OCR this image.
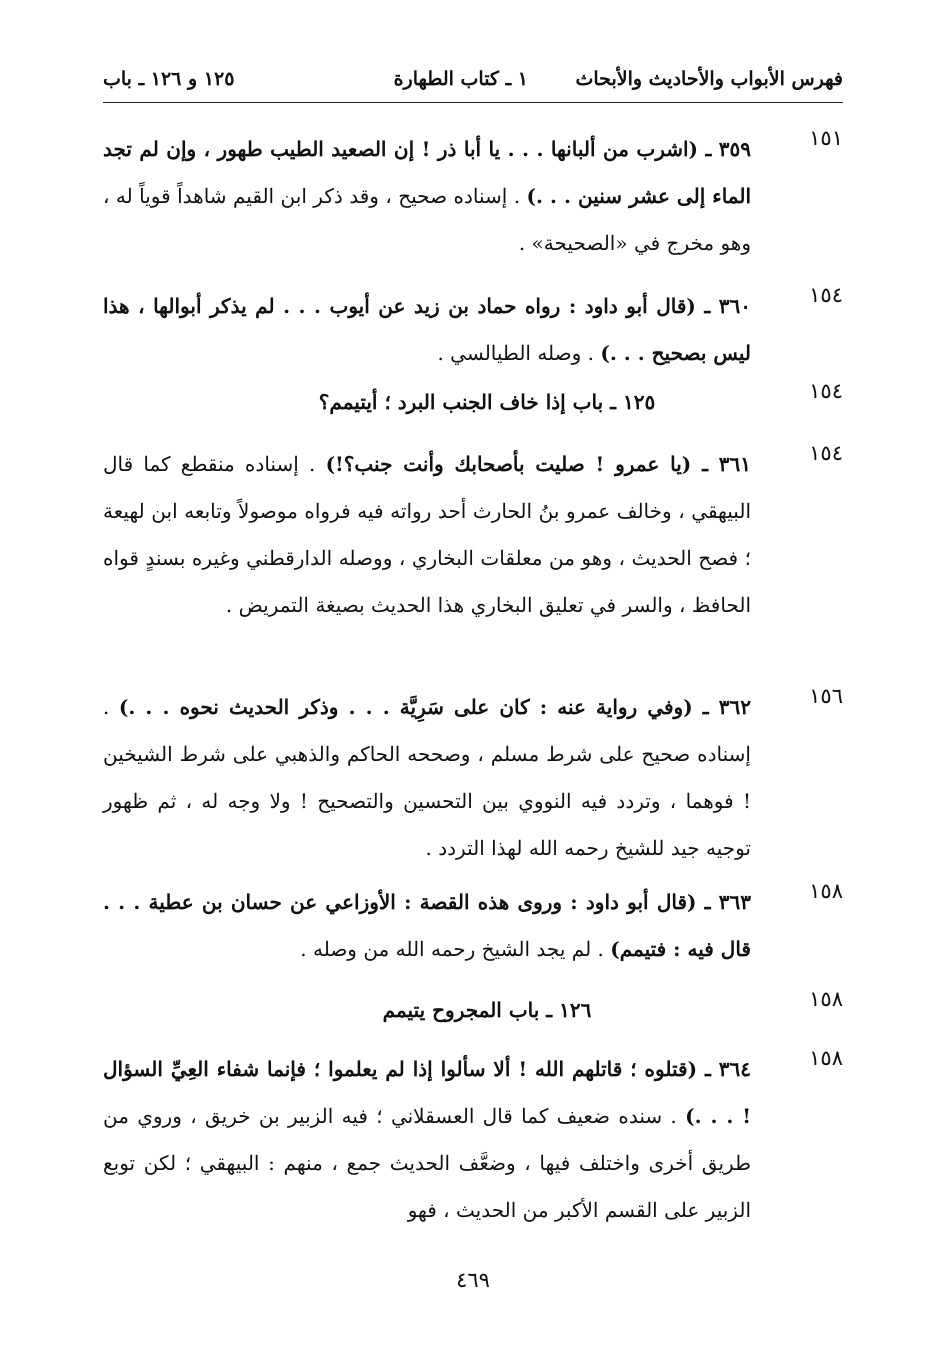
فهرس الأبواب والأحاديث والأبحاث
١ ـ كتاب الطهارة
١٢٥ و ١٢٦ ـ باب
١٥١
٣٥٩ ـ (اشرب من ألبانها . . . يا أبا ذر ! إن الصعيد الطيب طهور ، وإن لم تجد الماء إلى عشر سنين . . .) . إسناده صحيح ، وقد ذكر ابن القيم شاهداً قوياً له ، وهو مخرج في «الصحيحة» .
١٥٤
٣٦٠ ـ (قال أبو داود : رواه حماد بن زيد عن أيوب . . . لم يذكر أبوالها ، هذا ليس بصحيح . . .) . وصله الطيالسي .
١٥٤
١٢٥ ـ باب إذا خاف الجنب البرد ؛ أيتيمم؟
١٥٤
٣٦١ ـ (يا عمرو ! صليت بأصحابك وأنت جنب؟!) . إسناده منقطع كما قال البيهقي ، وخالف عمرو بنُ الحارث أحد رواته فيه فرواه موصولاً وتابعه ابن لهيعة ؛ فصح الحديث ، وهو من معلقات البخاري ، ووصله الدارقطني وغيره بسندٍ قواه الحافظ ، والسر في تعليق البخاري هذا الحديث بصيغة التمريض .
١٥٦
٣٦٢ ـ (وفي رواية عنه : كان على سَرِيَّة . . . وذكر الحديث نحوه . . .) . إسناده صحيح على شرط مسلم ، وصححه الحاكم والذهبي على شرط الشيخين ! فوهما ، وتردد فيه النووي بين التحسين والتصحيح ! ولا وجه له ، ثم ظهور توجيه جيد للشيخ رحمه الله لهذا التردد .
١٥٨
٣٦٣ ـ (قال أبو داود : وروى هذه القصة : الأوزاعي عن حسان بن عطية . . . قال فيه : فتيمم) . لم يجد الشيخ رحمه الله من وصله .
١٥٨
١٢٦ ـ باب المجروح يتيمم
١٥٨
٣٦٤ ـ (قتلوه ؛ قاتلهم الله ! ألا سألوا إذا لم يعلموا ؛ فإنما شفاء العِيِّ السؤال ! . . .) . سنده ضعيف كما قال العسقلاني ؛ فيه الزبير بن خريق ، وروي من طريق أخرى واختلف فيها ، وضعَّف الحديث جمع ، منهم : البيهقي ؛ لكن توبع الزبير على القسم الأكبر من الحديث ، فهو
٤٦٩
